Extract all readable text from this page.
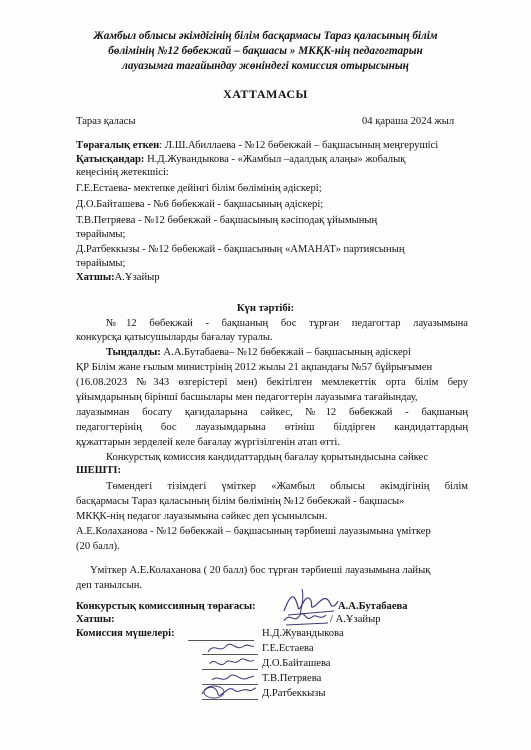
Жамбыл облысы әкімдігінің білім басқармасы Тараз қаласының білім
бөлімінің №12 бөбекжай – бақшасы » МКҚК-нің педагогтарын
лауазымға тағайындау жөніндегі комиссия отырысының
ХАТТАМАСЫ
Тараз қаласы	04 қараша 2024 жыл
Төрағалық еткен: Л.Ш.Абиллаева - №12 бөбекжай – бақшасының меңгерушісі
Қатысқандар: Н.Д.Жувандыкова - «Жамбыл –адалдық алаңы» жобалық
кеңесінің жетекшісі:
Г.Е.Естаева- мектепке дейінгі білім бөлімінің әдіскері;
Д.О.Байташева - №6 бөбекжай - бақшасының әдіскері;
Т.В.Петряева - №12 бөбекжай - бақшасының кәсіподақ ұйымының
төрайымы;
Д.Ратбеккызы - №12 бөбекжай - бақшасының «АМАНАТ» партиясының
төрайымы;
Хатшы:А.Ұзайыр
Күн тәртібі:
№12 бөбекжай - бақшаның бос тұрған педагогтар лауазымына
конкурсқа қатысушыларды бағалау туралы.
Тыңдалды: А.А.Бутабаева– №12 бөбекжай – бақшасының әдіскері
ҚР Білім және ғылым министрінің 2012 жылы 21 ақпандағы №57 бұйрығымен
(16.08.2023 №343 өзгерістері мен) бекітілген мемлекеттік орта білім беру
ұйымдарының бірінші басшылары мен педагогтерін лауазымға тағайындау,
лауазымнан босату қағидаларына сәйкес, №12 бөбекжай - бақшаның
педагогтерінің бос лауазымдарына өтініш білдірген кандидаттардың
құжаттарын зерделей келе бағалау жүргізілгенін атап өтті.
Конкурстық комиссия кандидаттардың бағалау қорытындысына сәйкес
ШЕШТІ:
Төмендегі тізімдегі үміткер «Жамбыл облысы әкімдігінің білім
басқармасы Тараз қаласының білім бөлімінің №12 бөбекжай - бақшасы»
МКҚК-нің педагог лауазымына сәйкес деп ұсынылсын.
А.Е.Колаханова - №12 бөбекжай – бақшасының тәрбиеші лауазымына үміткер
(20 балл).
Үміткер А.Е.Колаханова ( 20 балл) бос тұрған тәрбиеші лауазымына лайық
деп танылсын.
Конкурстық комиссияның төрағасы:	А.А.Бутабаева
Хатшы:	/ А.Ұзайыр
Комиссия мүшелері:	Н.Д.Жувандыкова
Г.Е.Естаева
Д.О.Байташева
Т.В.Петряева
Д.Ратбеккызы
